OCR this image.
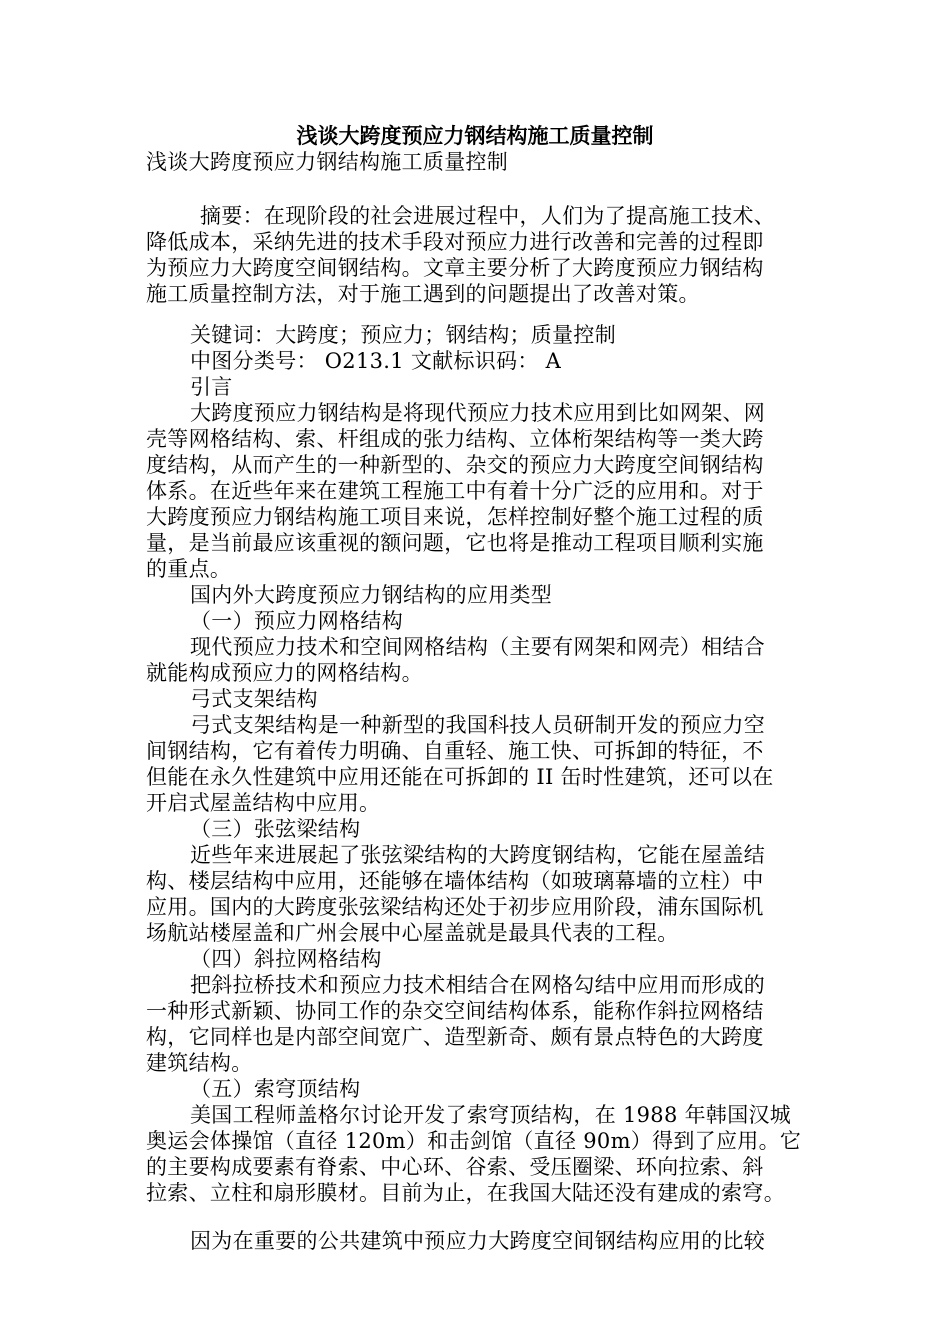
浅谈大跨度预应力钢结构施工质量控制
浅谈大跨度预应力钢结构施工质量控制
摘要：在现阶段的社会进展过程中，人们为了提高施工技术、
降低成本，采纳先进的技术手段对预应力进行改善和完善的过程即
为预应力大跨度空间钢结构。文章主要分析了大跨度预应力钢结构
施工质量控制方法，对于施工遇到的问题提出了改善对策。
关键词：大跨度；预应力；钢结构；质量控制
中图分类号： O213.1 文献标识码： A
引言
大跨度预应力钢结构是将现代预应力技术应用到比如网架、网
壳等网格结构、索、杆组成的张力结构、立体桁架结构等一类大跨
度结构，从而产生的一种新型的、杂交的预应力大跨度空间钢结构
体系。在近些年来在建筑工程施工中有着十分广泛的应用和。对于
大跨度预应力钢结构施工项目来说，怎样控制好整个施工过程的质
量，是当前最应该重视的额问题，它也将是推动工程项目顺利实施
的重点。
国内外大跨度预应力钢结构的应用类型
（一）预应力网格结构
现代预应力技术和空间网格结构（主要有网架和网壳）相结合
就能构成预应力的网格结构。
弓式支架结构
弓式支架结构是一种新型的我国科技人员研制开发的预应力空
间钢结构，它有着传力明确、自重轻、施工快、可拆卸的特征，不
但能在永久性建筑中应用还能在可拆卸的 II 缶时性建筑，还可以在
开启式屋盖结构中应用。
（三）张弦梁结构
近些年来进展起了张弦梁结构的大跨度钢结构，它能在屋盖结
构、楼层结构中应用，还能够在墙体结构（如玻璃幕墙的立柱）中
应用。国内的大跨度张弦梁结构还处于初步应用阶段，浦东国际机
场航站楼屋盖和广州会展中心屋盖就是最具代表的工程。
（四）斜拉网格结构
把斜拉桥技术和预应力技术相结合在网格勾结中应用而形成的
一种形式新颖、协同工作的杂交空间结构体系，能称作斜拉网格结
构，它同样也是内部空间宽广、造型新奇、颇有景点特色的大跨度
建筑结构。
（五）索穹顶结构
美国工程师盖格尔讨论开发了索穹顶结构，在 1988 年韩国汉城
奥运会体操馆（直径 120m）和击剑馆（直径 90m）得到了应用。它
的主要构成要素有脊索、中心环、谷索、受压圈梁、环向拉索、斜
拉索、立柱和扇形膜材。目前为止，在我国大陆还没有建成的索穹。
因为在重要的公共建筑中预应力大跨度空间钢结构应用的比较
